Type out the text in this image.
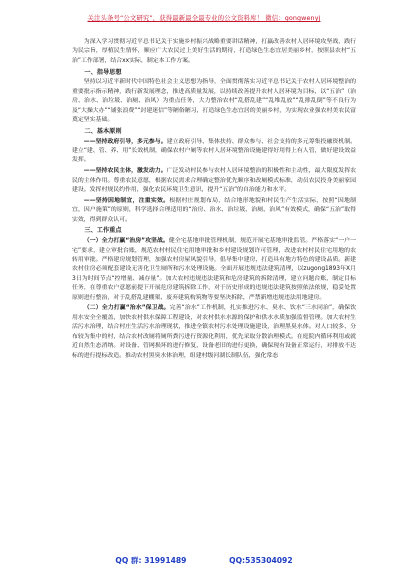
关注头条号“公文研究”，获得最新最全最专业的公文资料库！ 微信：gongwenyj

为深入学习贯彻习近平总书记关于实施乡村振兴战略重要讲话精神，打赢改善农村人居环境攻坚战，践行为民宗旨，厚植民生情怀，顺应广大农民过上美好生活的期待，打造绿色生态宜居美丽乡村，按照县农村“五治”工作部署，结合xx实际，制定本工作方案。

一、指导思想

坚持以习近平新时代中国特色社会主义思想为指导，全面贯彻落实习近平总书记关于农村人居环境整治的重要批示指示精神，践行新发展理念，推进高质量发展，以持续改善提升农村人居环境为目标，以“五治”（治房、治水、治垃圾、治厕、治风）为重点任务，大力整治农村“乱搭乱建”“乱堆乱放”“乱排乱倒”等不良行为及“大操大办”“铺张浪费”“封建迷信”等陋俗陋习，打造绿色生态宜居的美丽乡村，为实现农业强农村美农民富奠定坚实基础。

二、基本原则

——坚持政府引导，多元参与。建立政府引导、集体扶持、群众参与、社会支持的多元筹集投融资机制。建立“建、管、养、用”长效机制，确保农村户厕等农村人居环境整治设施建得好用得上有人管，做好建设效益发挥。

——坚持农民主体，激发动力。广泛发动村民参与农村人居环境整治的积极性和主动性，最大限度发挥农民的主体作用。尊重农民意愿，根据农民需求合理确定整治优先顺序和改厕模式标准，动员农民投身美丽家园建设。发挥村规民约作用，强化农民环境卫生意识，提升“五治”的自治能力和水平。

——坚持因地制宜，注重实效。根据村庄规划布局，结合地形地貌和村民生产生活实际，按照“因地制宜，因户施策”的原则，科学选择合理适用的“治房、治水、治垃圾、治厕、治风”有效模式，确保“五治”取得实效，得到群众认可。

三、工作重点

（一）全力打赢“治房”攻坚战。健全宅基地审批管理机制，规范开展宅基地审批监管。严格落实“一户一宅”要求，建立审批台账，规范农村村民住宅用地审批和乡村建设规划许可管理，改进农村村民住宅用地的农转用审批。严格建房规划管理，加强农村房屋风貌引导，倡导集中建房，打造具有地方特色的建设品质。新建农村住房必须配套建设无害化卫生厕所和污水处理设施。全面开展违规违法建筑清理，以zugong1893年X月3日为时间节点“控增量、减存量”。加大农村违规违法建筑和危房建筑的拆除清理，建立问题台账，制定目标任务，在尊重农户意愿前提下开展危房建筑拆除工作，对于历史形成的违规违法建筑按照依法依规，稳妥处置原则进行整治，对于乱搭乱建棚架、废弃建筑构筑物等要坚决拆除，严禁新增违规违法用地建房。

（二）全力打赢“治水”保卫战。完善“治水”工作机制，扎实推进污水、臭水、饮水“三水同治”，确保饮用水安全全覆盖，加快农村供水保障工程建设，对农村供水水源的保护和供水水质加强监督管理。加大农村生活污水治理，结合村庄生活污水治理现状，推进全镇农村污水处理设施建设，治理黑臭水体。对人口较多、分布较为集中的村，结合农村改厕将厕所粪污进行资源化利用，优先采取分散治理模式。在庭院内循环利用或就近自然生态消纳。对设备、管网损坏的进行修复，设备老旧的进行更换，确保现有设备正常运行，对排放不达标的进行提标改造。推动农村黑臭水体治理，组建村级河湖长制队伍，强化常态

QQ 群: 31991489	QQ:535304092
